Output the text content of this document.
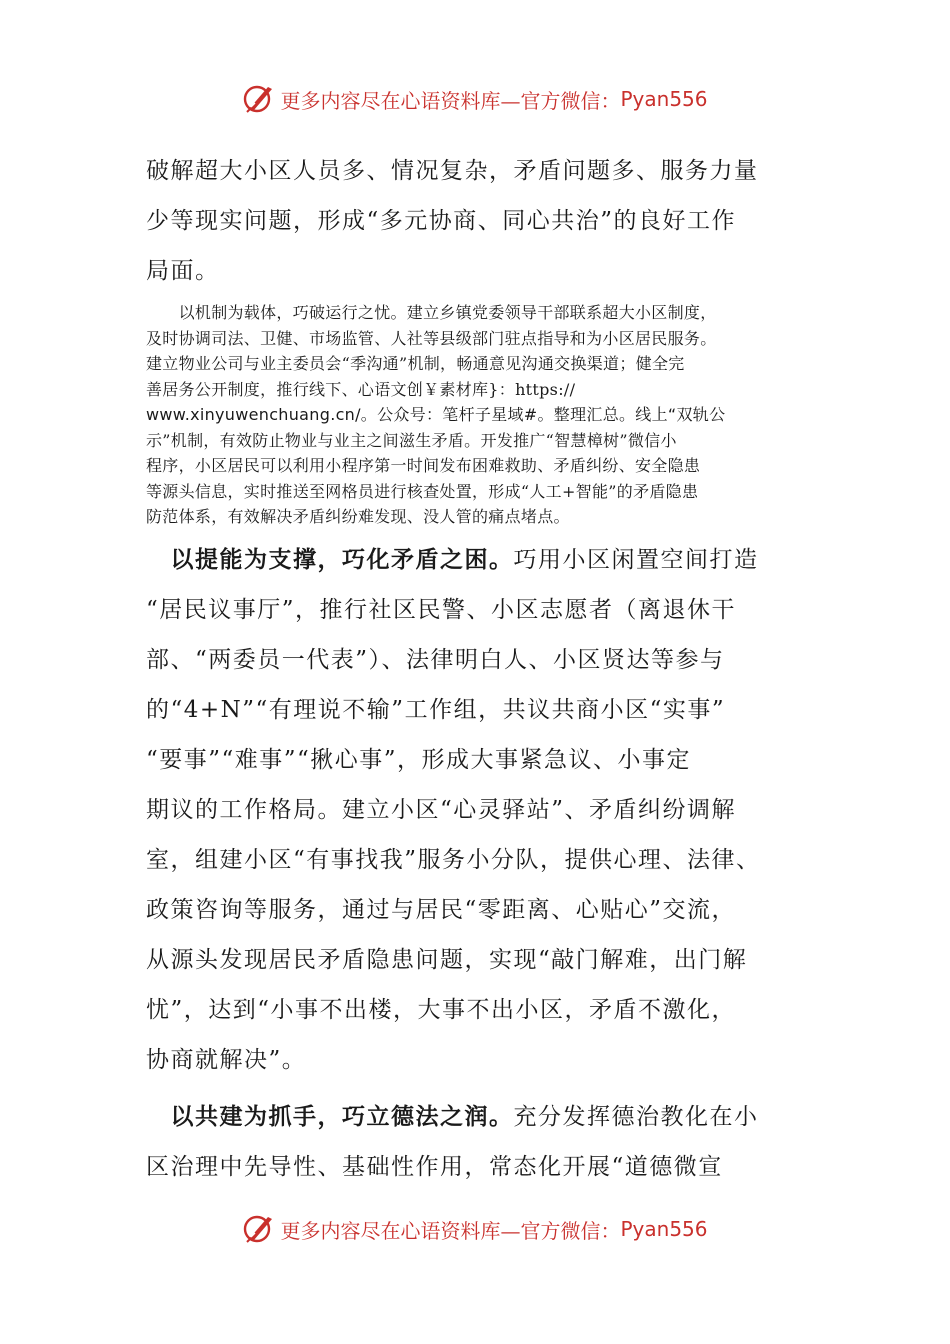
更多内容尽在心语资料库—官方微信： Pyan556
破解超大小区人员多、情况复杂，矛盾问题多、服务力量
少等现实问题，形成“多元协商、同心共治”的良好工作
局面。
　　以机制为载体，巧破运行之忧。建立乡镇党委领导干部联系超大小区制度，
及时协调司法、卫健、市场监管、人社等县级部门驻点指导和为小区居民服务。
建立物业公司与业主委员会“季沟通”机制，畅通意见沟通交换渠道；健全完
善居务公开制度，推行线下、心语文创￥素材库}：https://
www.xinyuwenchuang.cn/。公众号：笔杆子星域#。整理汇总。线上“双轨公
示”机制，有效防止物业与业主之间滋生矛盾。开发推广“智慧樟树”微信小
程序，小区居民可以利用小程序第一时间发布困难救助、矛盾纠纷、安全隐患
等源头信息，实时推送至网格员进行核查处置，形成“人工+智能”的矛盾隐患
防范体系，有效解决矛盾纠纷难发现、没人管的痛点堵点。
　以提能为支撑，巧化矛盾之困。巧用小区闲置空间打造
“居民议事厅”，推行社区民警、小区志愿者（离退休干
部、“两委员一代表”）、法律明白人、小区贤达等参与
的“4+N”“有理说不输”工作组，共议共商小区“实事”
“要事”“难事”“揪心事”，形成大事紧急议、小事定
期议的工作格局。建立小区“心灵驿站”、矛盾纠纷调解
室，组建小区“有事找我”服务小分队，提供心理、法律、
政策咨询等服务，通过与居民“零距离、心贴心”交流，
从源头发现居民矛盾隐患问题，实现“敲门解难，出门解
忧”，达到“小事不出楼，大事不出小区，矛盾不激化，
协商就解决”。
　以共建为抓手，巧立德法之润。充分发挥德治教化在小
区治理中先导性、基础性作用，常态化开展“道德微宣
更多内容尽在心语资料库—官方微信： Pyan556
